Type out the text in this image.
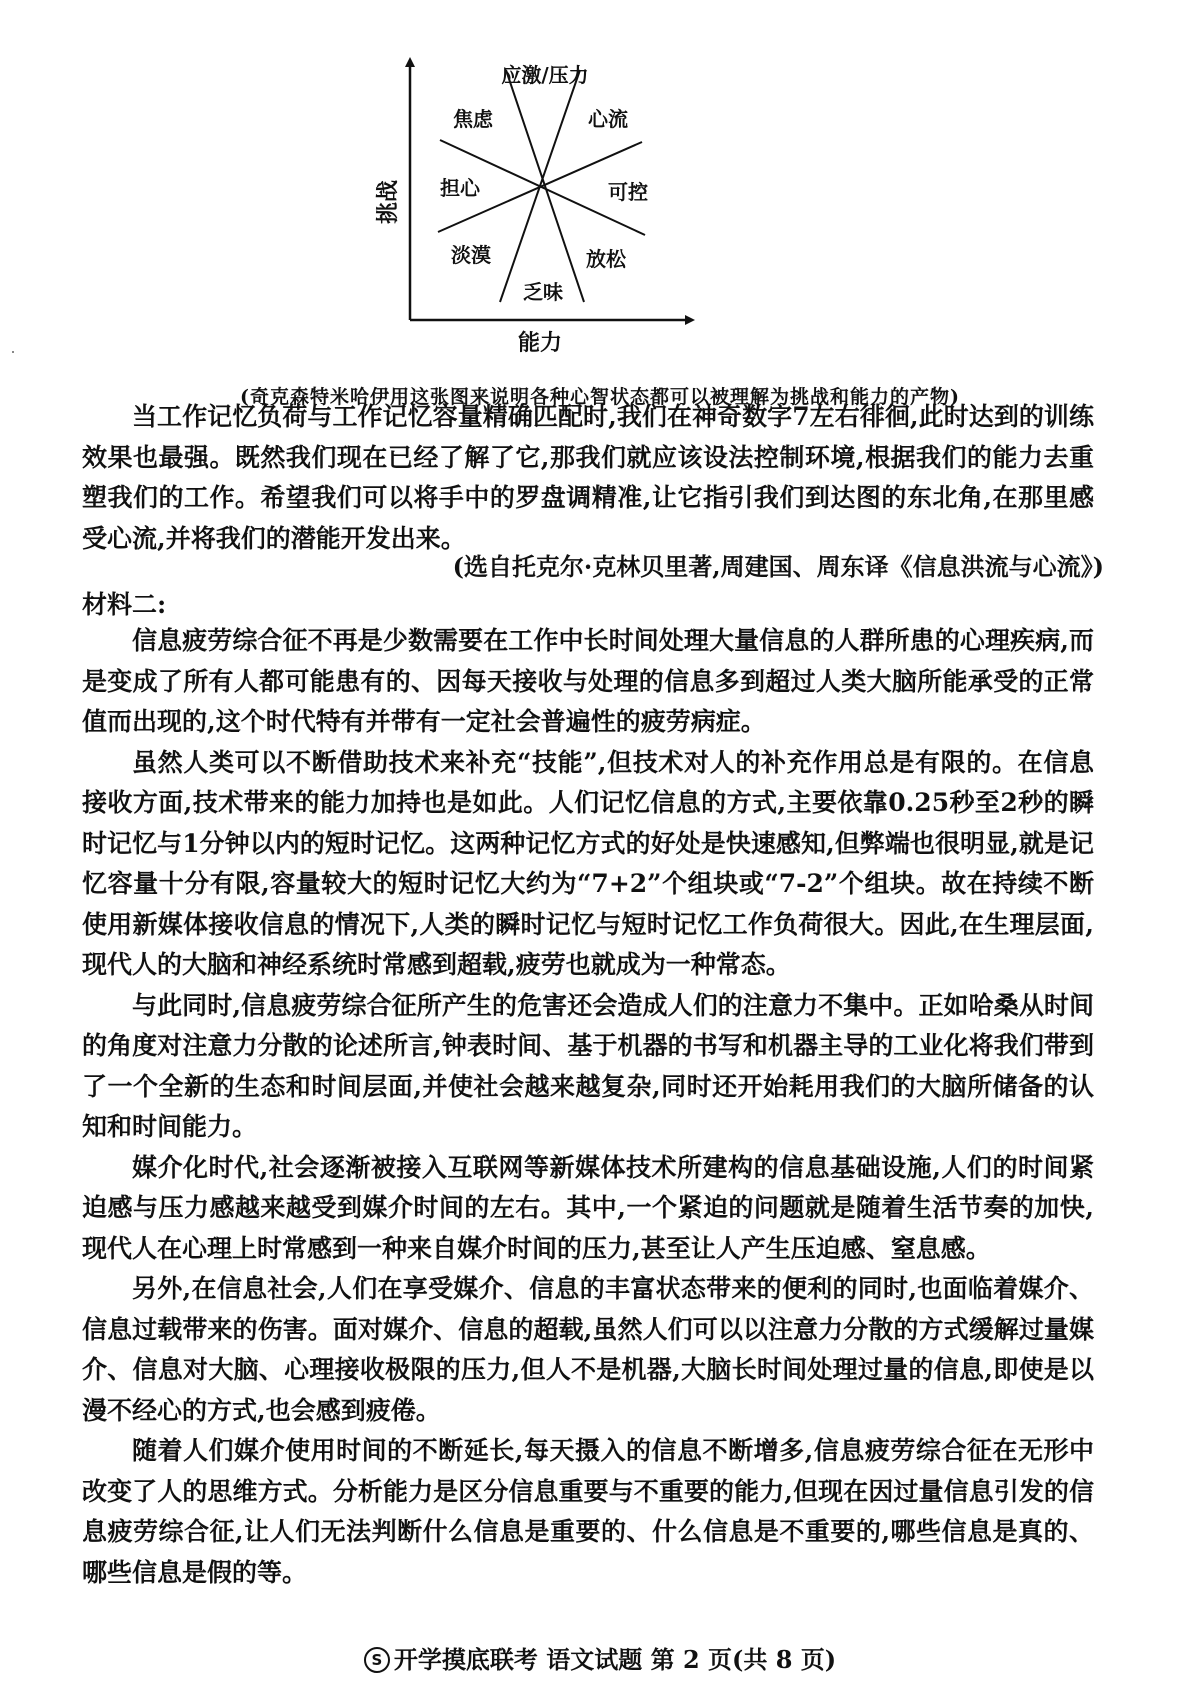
应激/压力
焦虑	心流
担心	可控
淡漠	放松
乏味
能力
挑战
(奇克森特米哈伊用这张图来说明各种心智状态都可以被理解为挑战和能力的产物)

当工作记忆负荷与工作记忆容量精确匹配时,我们在神奇数字7左右徘徊,此时达到的训练效果也最强。既然我们现在已经了解了它,那我们就应该设法控制环境,根据我们的能力去重塑我们的工作。希望我们可以将手中的罗盘调精准,让它指引我们到达图的东北角,在那里感受心流,并将我们的潜能开发出来。

(选自托克尔·克林贝里著,周建国、周东译《信息洪流与心流》)
材料二:

信息疲劳综合征不再是少数需要在工作中长时间处理大量信息的人群所患的心理疾病,而是变成了所有人都可能患有的、因每天接收与处理的信息多到超过人类大脑所能承受的正常值而出现的,这个时代特有并带有一定社会普遍性的疲劳病症。

虽然人类可以不断借助技术来补充“技能”,但技术对人的补充作用总是有限的。在信息接收方面,技术带来的能力加持也是如此。人们记忆信息的方式,主要依靠0.25秒至2秒的瞬时记忆与1分钟以内的短时记忆。这两种记忆方式的好处是快速感知,但弊端也很明显,就是记忆容量十分有限,容量较大的短时记忆大约为“7+2”个组块或“7-2”个组块。故在持续不断使用新媒体接收信息的情况下,人类的瞬时记忆与短时记忆工作负荷很大。因此,在生理层面,现代人的大脑和神经系统时常感到超载,疲劳也就成为一种常态。

与此同时,信息疲劳综合征所产生的危害还会造成人们的注意力不集中。正如哈桑从时间的角度对注意力分散的论述所言,钟表时间、基于机器的书写和机器主导的工业化将我们带到了一个全新的生态和时间层面,并使社会越来越复杂,同时还开始耗用我们的大脑所储备的认知和时间能力。

媒介化时代,社会逐渐被接入互联网等新媒体技术所建构的信息基础设施,人们的时间紧迫感与压力感越来越受到媒介时间的左右。其中,一个紧迫的问题就是随着生活节奏的加快,现代人在心理上时常感到一种来自媒介时间的压力,甚至让人产生压迫感、窒息感。

另外,在信息社会,人们在享受媒介、信息的丰富状态带来的便利的同时,也面临着媒介、信息过载带来的伤害。面对媒介、信息的超载,虽然人们可以以注意力分散的方式缓解过量媒介、信息对大脑、心理接收极限的压力,但人不是机器,大脑长时间处理过量的信息,即使是以漫不经心的方式,也会感到疲倦。

随着人们媒介使用时间的不断延长,每天摄入的信息不断增多,信息疲劳综合征在无形中改变了人的思维方式。分析能力是区分信息重要与不重要的能力,但现在因过量信息引发的信息疲劳综合征,让人们无法判断什么信息是重要的、什么信息是不重要的,哪些信息是真的、哪些信息是假的等。

S 开学摸底联考 语文试题 第 2 页(共 8 页)
